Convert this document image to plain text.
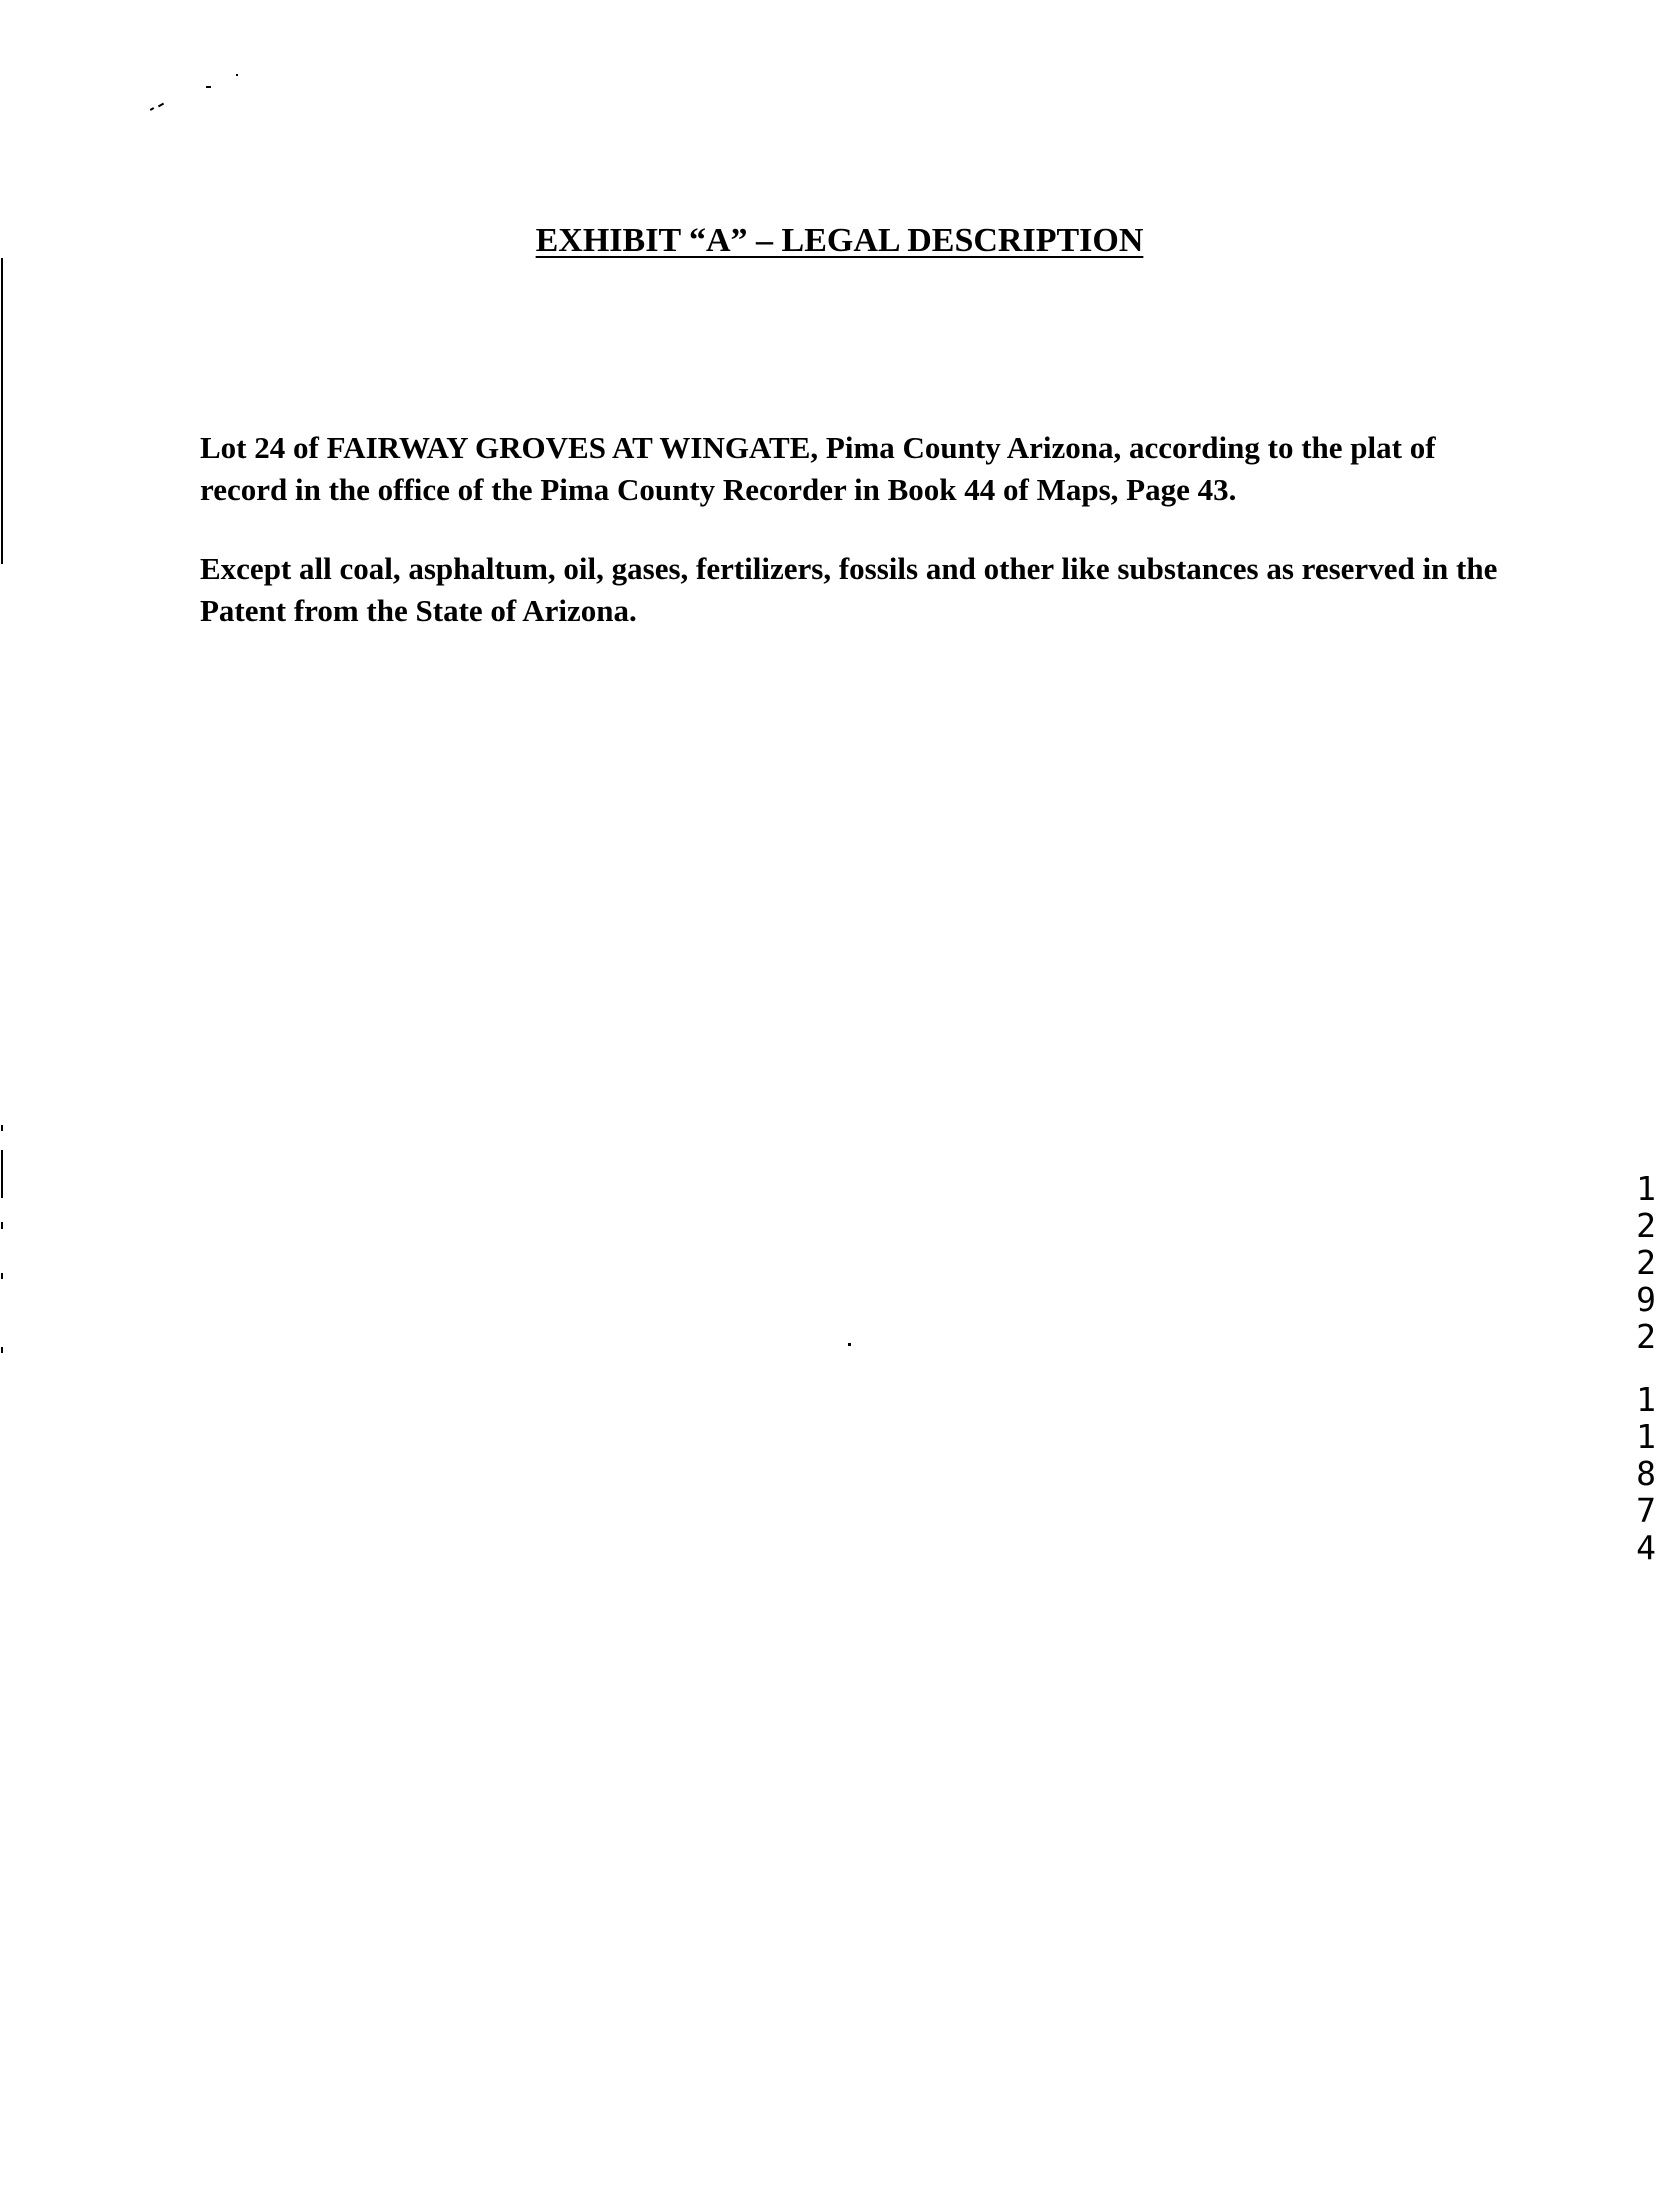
EXHIBIT “A” – LEGAL DESCRIPTION

Lot 24 of FAIRWAY GROVES AT WINGATE, Pima County Arizona, according to the plat of record in the office of the Pima County Recorder in Book 44 of Maps, Page 43.

Except all coal, asphaltum, oil, gases, fertilizers, fossils and other like substances as reserved in the Patent from the State of Arizona.

1
2
2
9
2
1
1
8
7
4
